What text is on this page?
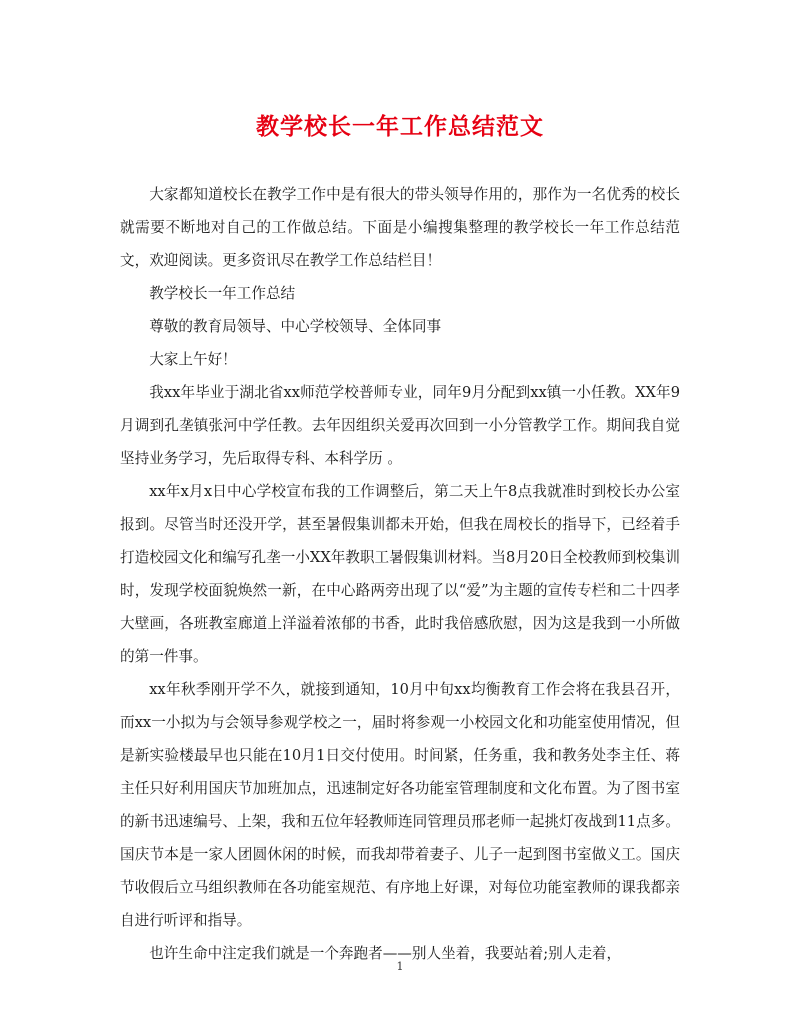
教学校长一年工作总结范文

大家都知道校长在教学工作中是有很大的带头领导作用的，那作为一名优秀的校长就需要不断地对自己的工作做总结。下面是小编搜集整理的教学校长一年工作总结范文，欢迎阅读。更多资讯尽在教学工作总结栏目！

教学校长一年工作总结

尊敬的教育局领导、中心学校领导、全体同事

大家上午好！

我xx年毕业于湖北省xx师范学校普师专业，同年9月分配到xx镇一小任教。XX年9月调到孔垄镇张河中学任教。去年因组织关爱再次回到一小分管教学工作。期间我自觉坚持业务学习，先后取得专科、本科学历 。

xx年x月x日中心学校宣布我的工作调整后，第二天上午8点我就准时到校长办公室报到。尽管当时还没开学，甚至暑假集训都未开始，但我在周校长的指导下，已经着手打造校园文化和编写孔垄一小XX年教职工暑假集训材料。当8月20日全校教师到校集训时，发现学校面貌焕然一新，在中心路两旁出现了以“爱”为主题的宣传专栏和二十四孝大壁画，各班教室廊道上洋溢着浓郁的书香，此时我倍感欣慰，因为这是我到一小所做的第一件事。

xx年秋季刚开学不久，就接到通知，10月中旬xx均衡教育工作会将在我县召开，而xx一小拟为与会领导参观学校之一，届时将参观一小校园文化和功能室使用情况，但是新实验楼最早也只能在10月1日交付使用。时间紧，任务重，我和教务处李主任、蒋主任只好利用国庆节加班加点，迅速制定好各功能室管理制度和文化布置。为了图书室的新书迅速编号、上架，我和五位年轻教师连同管理员邢老师一起挑灯夜战到11点多。国庆节本是一家人团圆休闲的时候，而我却带着妻子、儿子一起到图书室做义工。国庆节收假后立马组织教师在各功能室规范、有序地上好课，对每位功能室教师的课我都亲自进行听评和指导。

也许生命中注定我们就是一个奔跑者——别人坐着，我要站着;别人走着，

1
